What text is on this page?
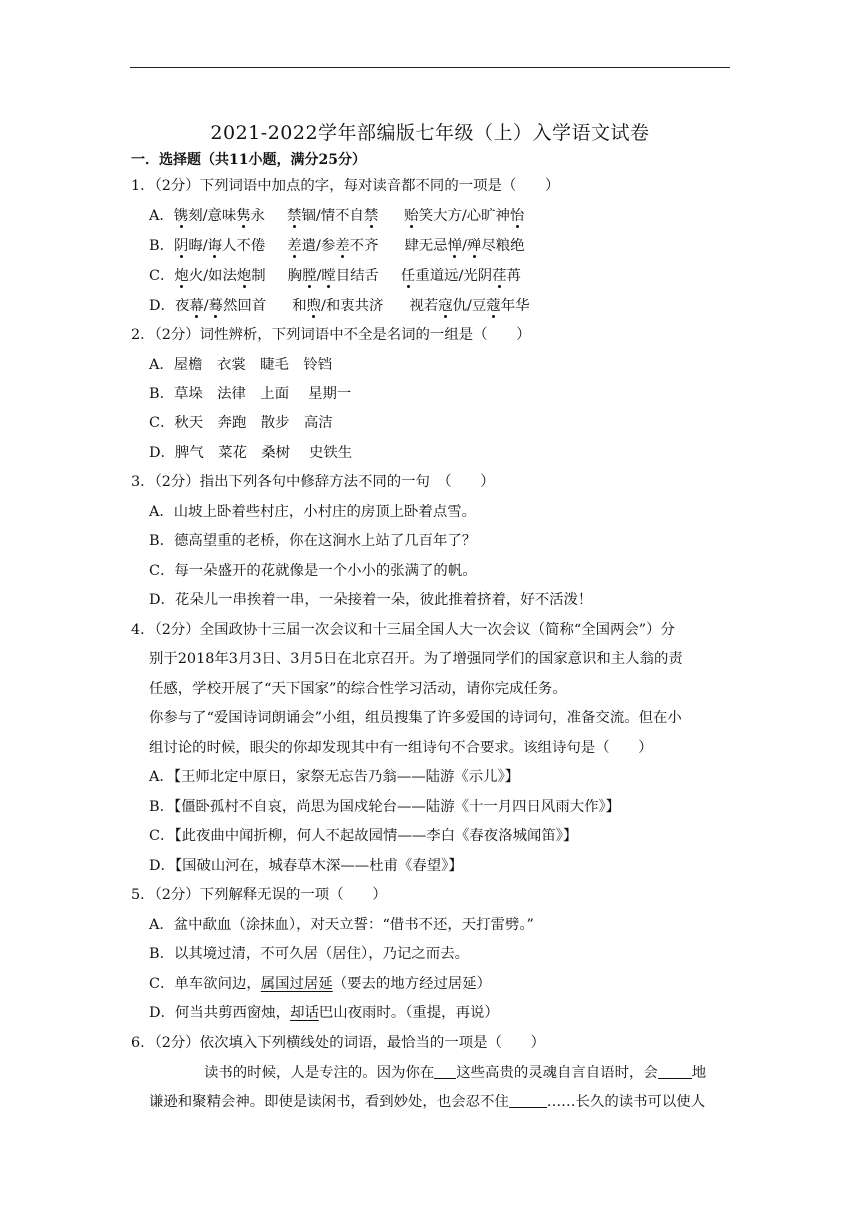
2021-2022学年部编版七年级（上）入学语文试卷
一．选择题（共11小题，满分25分）
1．（2分）下列词语中加点的字，每对读音都不同的一项是（　　）
A．镌刻/意味隽永 禁锢/情不自禁 贻笑大方/心旷神怡
B．阴晦/诲人不倦 差遣/参差不齐 肆无忌惮/殚尽粮绝
C．炮火/如法炮制 胸膛/瞠目结舌 任重道远/光阴荏苒
D．夜幕/蓦然回首 和煦/和衷共济 视若寇仇/豆蔻年华
2．（2分）词性辨析，下列词语中不全是名词的一组是（　　）
A．屋檐　衣裳　睫毛　铃铛
B．草垛　法律　上面　 星期一
C．秋天　奔跑　散步　高洁
D．脾气　菜花　桑树　 史铁生
3．（2分）指出下列各句中修辞方法不同的一句　（　　）
A．山坡上卧着些村庄，小村庄的房顶上卧着点雪。
B．德高望重的老桥，你在这涧水上站了几百年了？
C．每一朵盛开的花就像是一个小小的张满了的帆。
D．花朵儿一串挨着一串，一朵接着一朵，彼此推着挤着，好不活泼！
4．（2分）全国政协十三届一次会议和十三届全国人大一次会议（简称“全国两会”）分
别于2018年3月3日、3月5日在北京召开。为了增强同学们的国家意识和主人翁的责
任感，学校开展了“天下国家”的综合性学习活动，请你完成任务。
你参与了“爱国诗词朗诵会”小组，组员搜集了许多爱国的诗词句，准备交流。但在小
组讨论的时候，眼尖的你却发现其中有一组诗句不合要求。该组诗句是（　　）
A．【王师北定中原日，家祭无忘告乃翁——陆游《示儿》】
B．【僵卧孤村不自哀，尚思为国戍轮台——陆游《十一月四日风雨大作》】
C．【此夜曲中闻折柳，何人不起故园情——李白《春夜洛城闻笛》】
D．【国破山河在，城春草木深——杜甫《春望》】
5．（2分）下列解释无误的一项（　　）
A．盆中歃血（涂抹血），对天立誓：“借书不还，天打雷劈。”
B．以其境过清，不可久居（居住），乃记之而去。
C．单车欲问边，属国过居延（要去的地方经过居延）
D．何当共剪西窗烛，却话巴山夜雨时。（重提，再说）
6．（2分）依次填入下列横线处的词语，最恰当的一项是（　　）
读书的时候，人是专注的。因为你在 这些高贵的灵魂自言自语时，会 地
谦逊和聚精会神。即使是读闲书，看到妙处，也会忍不住	……长久的读书可以使人
